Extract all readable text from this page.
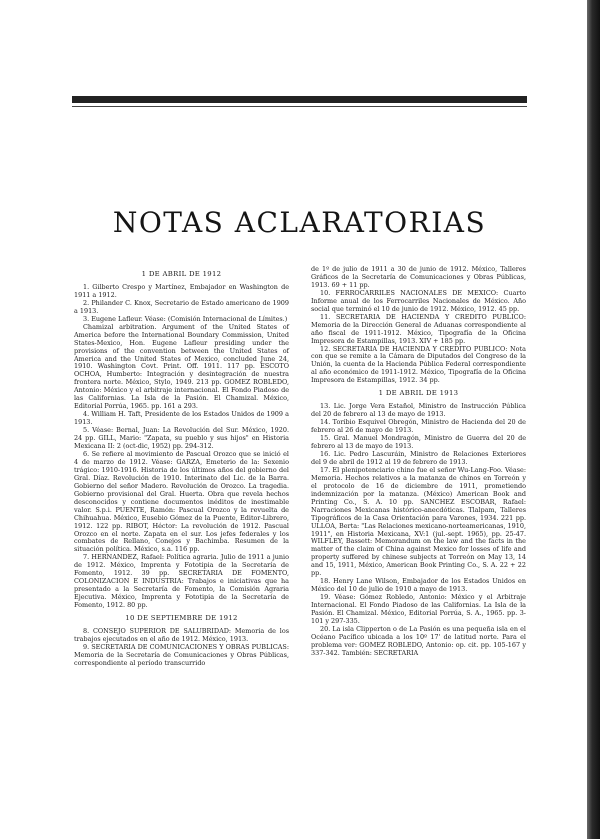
NOTAS ACLARATORIAS

1 DE ABRIL DE 1912

1. Gilberto Crespo y Martínez, Embajador en Washington de 1911 a 1912.

2. Philander C. Knox, Secretario de Estado americano de 1909 a 1913.

3. Eugene Lafleur. Véase: (Comisión Internacional de Límites.)

Chamizal arbitration. Argument of the United States of America before the International Boundary Commission, United States-Mexico, Hon. Eugene Lafleur presiding under the provisions of the convention between the United States of America and the United States of Mexico, concluded June 24, 1910. Washington Covt. Print. Off. 1911. 117 pp. ESCOTO OCHOA, Humberto: Integración y desintegración de nuestra frontera norte. México, Stylo, 1949. 213 pp. GOMEZ ROBLEDO, Antonio: México y el arbitraje internacional. El Fondo Piadoso de las Californias. La Isla de la Pasión. El Chamizal. México, Editorial Porrúa, 1965. pp. 161 a 293.

4. William H. Taft, Presidente de los Estados Unidos de 1909 a 1913.

5. Véase: Bernal, Juan: La Revolución del Sur. México, 1920. 24 pp. GILL, Mario: "Zapata, su pueblo y sus hijos" en Historia Mexicana II: 2 (oct-dic, 1952) pp. 294-312.

6. Se refiere al movimiento de Pascual Orozco que se inició el 4 de marzo de 1912. Véase: GARZA, Emeterio de la: Sexenio trágico: 1910-1916. Historia de los últimos años del gobierno del Gral. Díaz. Revolución de 1910. Interinato del Lic. de la Barra. Gobierno del señor Madero. Revolución de Orozco. La tragedia. Gobierno provisional del Gral. Huerta. Obra que revela hechos desconocidos y contiene documentos inéditos de inestimable valor. S.p.i. PUENTE, Ramón: Pascual Orozco y la revuelta de Chihuahua. México, Eusebio Gómez de la Puente, Editor-Librero, 1912. 122 pp. RIBOT, Héctor: La revolución de 1912. Pascual Orozco en el norte. Zapata en el sur. Los jefes federales y los combates de Rellano, Conejos y Bachimba. Resumen de la situación política. México, s.a. 116 pp.

7. HERNANDEZ, Rafael: Política agraria. Julio de 1911 a junio de 1912. México, Imprenta y Fototipia de la Secretaría de Fomento, 1912. 39 pp. SECRETARIA DE FOMENTO, COLONIZACION E INDUSTRIA: Trabajos e iniciativas que ha presentado a la Secretaría de Fomento, la Comisión Agraria Ejecutiva. México, Imprenta y Fototipia de la Secretaría de Fomento, 1912. 80 pp.

10 DE SEPTIEMBRE DE 1912

8. CONSEJO SUPERIOR DE SALUBRIDAD: Memoria de los trabajos ejecutados en el año de 1912. México, 1913.

9. SECRETARIA DE COMUNICACIONES Y OBRAS PUBLICAS: Memoria de la Secretaría de Comunicaciones y Obras Públicas, correspondiente al período transcurrido

de 1º de julio de 1911 a 30 de junio de 1912. México, Talleres Gráficos de la Secretaría de Comunicaciones y Obras Públicas, 1913. 69 + 11 pp.

10. FERROCARRILES NACIONALES DE MEXICO: Cuarto Informe anual de los Ferrocarriles Nacionales de México. Año social que terminó el 10 de junio de 1912. México, 1912. 45 pp.

11. SECRETARIA DE HACIENDA Y CREDITO PUBLICO: Memoria de la Dirección General de Aduanas correspondiente al año fiscal de 1911-1912. México, Tipografía de la Oficina Impresora de Estampillas, 1913. XIV + 185 pp.

12. SECRETARIA DE HACIENDA Y CREDITO PUBLICO: Nota con que se remite a la Cámara de Diputados del Congreso de la Unión, la cuenta de la Hacienda Pública Federal correspondiente al año económico de 1911-1912. México, Tipografía de la Oficina Impresora de Estampillas, 1912. 34 pp.

1 DE ABRIL DE 1913

13. Lic. Jorge Vera Estañol, Ministro de Instrucción Pública del 20 de febrero al 13 de mayo de 1913.

14. Toribio Esquivel Obregón, Ministro de Hacienda del 20 de febrero al 26 de mayo de 1913.

15. Gral. Manuel Mondragón, Ministro de Guerra del 20 de febrero al 13 de mayo de 1913.

16. Lic. Pedro Lascuráin, Ministro de Relaciones Exteriores del 9 de abril de 1912 al 19 de febrero de 1913.

17. El plenipotenciario chino fue el señor Wu-Lang-Foo. Véase: Memoria. Hechos relativos a la matanza de chinos en Torreón y el protocolo de 16 de diciembre de 1911, prometiendo indemnización por la matanza. (México) American Book and Printing Co., S. A. 10 pp. SANCHEZ ESCOBAR, Rafael: Narraciones Mexicanas histórico-anecdóticas. Tlalpam, Talleres Tipográficos de la Casa Orientación para Varones, 1934. 221 pp. ULLOA, Berta: "Las Relaciones mexicano-norteamericanas, 1910, 1911", en Historia Mexicana, XV:1 (jul.-sept. 1965), pp. 25-47. WILFLEY, Bassett: Memorandum on the law and the facts in the matter of the claim of China against Mexico for losses of life and property suffered by chinese subjects at Torreón on May 13, 14 and 15, 1911, México, American Book Printing Co., S. A. 22 + 22 pp.

18. Henry Lane Wilson, Embajador de los Estados Unidos en México del 10 de julio de 1910 a mayo de 1913.

19. Véase: Gómez Robledo, Antonio: México y el Arbitraje Internacional. El Fondo Piadoso de las Californias. La Isla de la Pasión. El Chamizal. México, Editorial Porrúa, S. A., 1965. pp. 3-101 y 297-335.

20. La isla Clipperton o de La Pasión es una pequeña isla en el Océano Pacífico ubicada a los 10º 17' de latitud norte. Para el problema ver: GOMEZ ROBLEDO, Antonio: op. cit. pp. 105-167 y 337-342. También: SECRETARIA
